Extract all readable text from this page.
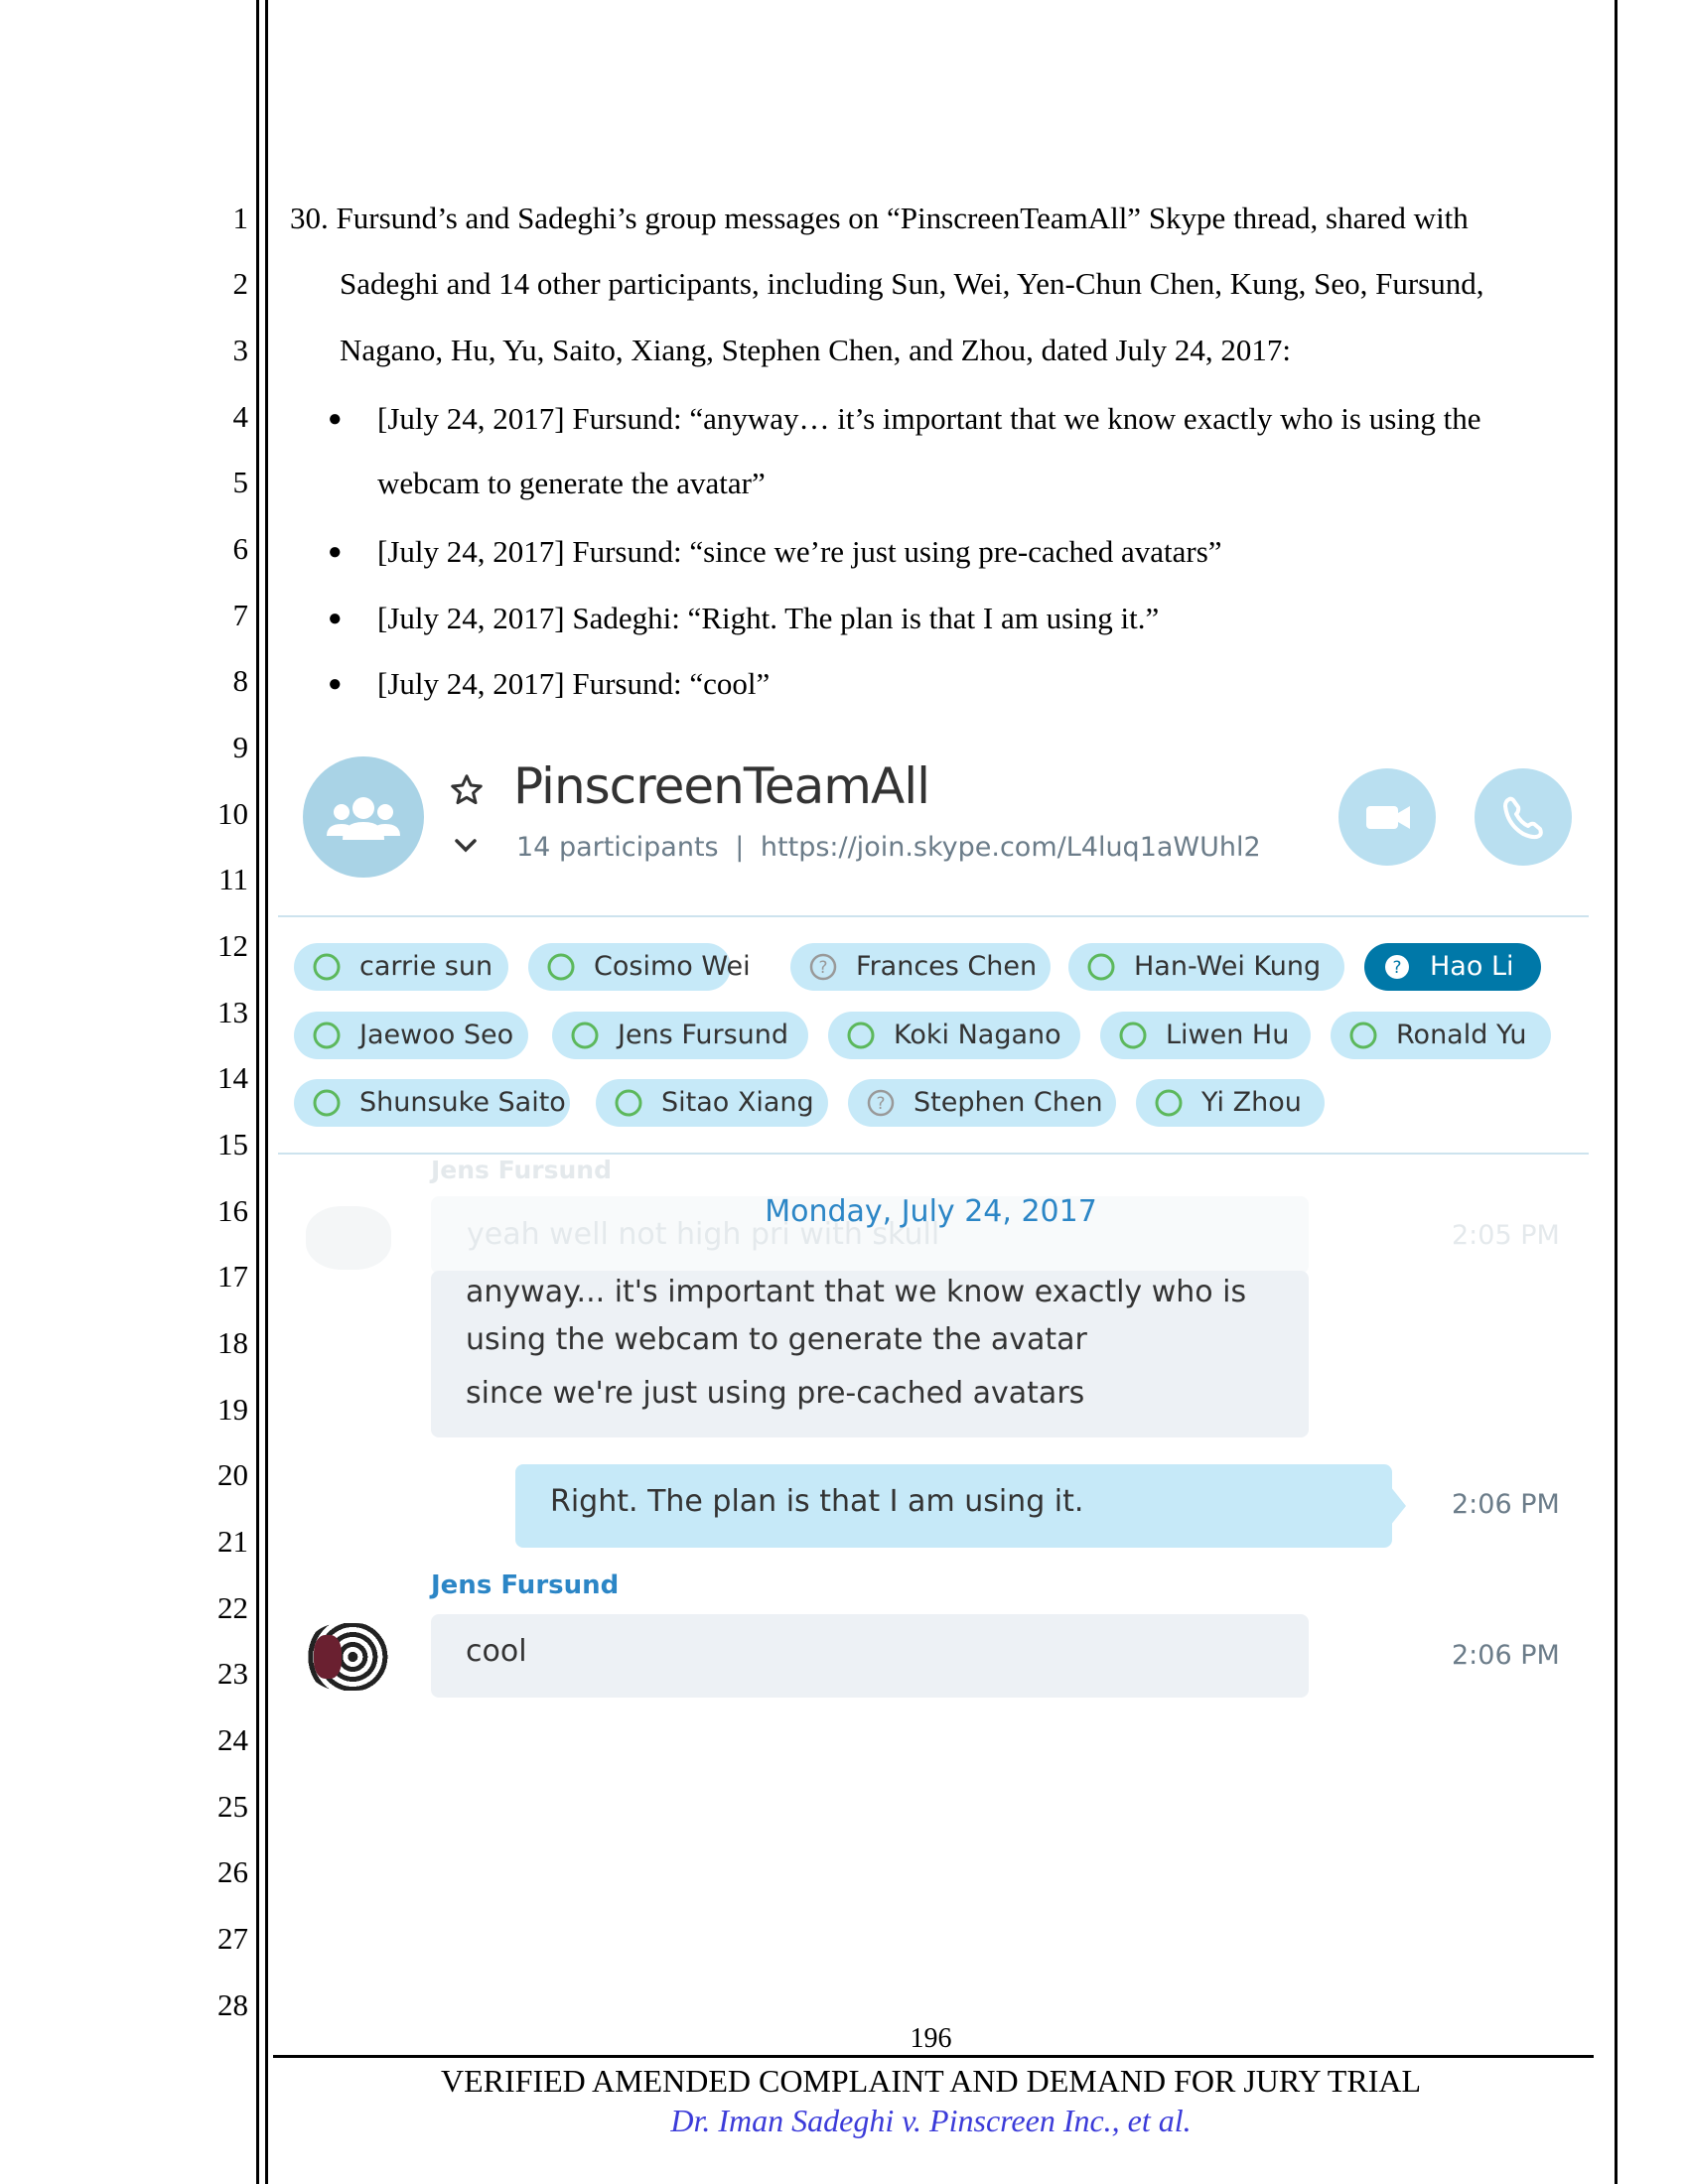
1
2
3
4
5
6
7
8
9
10
11
12
13
14
15
16
17
18
19
20
21
22
23
24
25
26
27
28
30. Fursund’s and Sadeghi’s group messages on “PinscreenTeamAll” Skype thread, shared with
Sadeghi and 14 other participants, including Sun, Wei, Yen-Chun Chen, Kung, Seo, Fursund,
Nagano, Hu, Yu, Saito, Xiang, Stephen Chen, and Zhou, dated July 24, 2017:
● [July 24, 2017] Fursund: “anyway… it’s important that we know exactly who is using the
webcam to generate the avatar”
● [July 24, 2017] Fursund: “since we’re just using pre-cached avatars”
● [July 24, 2017] Sadeghi: “Right. The plan is that I am using it.”
● [July 24, 2017] Fursund: “cool”
PinscreenTeamAll
14 participants | https://join.skype.com/L4luq1aWUhl2
carrie sun	Cosimo Wei	? Frances Chen	Han-Wei Kung	? Hao Li
Jaewoo Seo	Jens Fursund	Koki Nagano	Liwen Hu	Ronald Yu
Shunsuke Saito	Sitao Xiang	? Stephen Chen	Yi Zhou
Jens Fursund
yeah well not high pri with skull	2:05 PM
Monday, July 24, 2017
anyway... it's important that we know exactly who is
using the webcam to generate the avatar
since we're just using pre-cached avatars
Right. The plan is that I am using it.	2:06 PM
Jens Fursund
cool	2:06 PM
196
VERIFIED AMENDED COMPLAINT AND DEMAND FOR JURY TRIAL
Dr. Iman Sadeghi v. Pinscreen Inc., et al.
